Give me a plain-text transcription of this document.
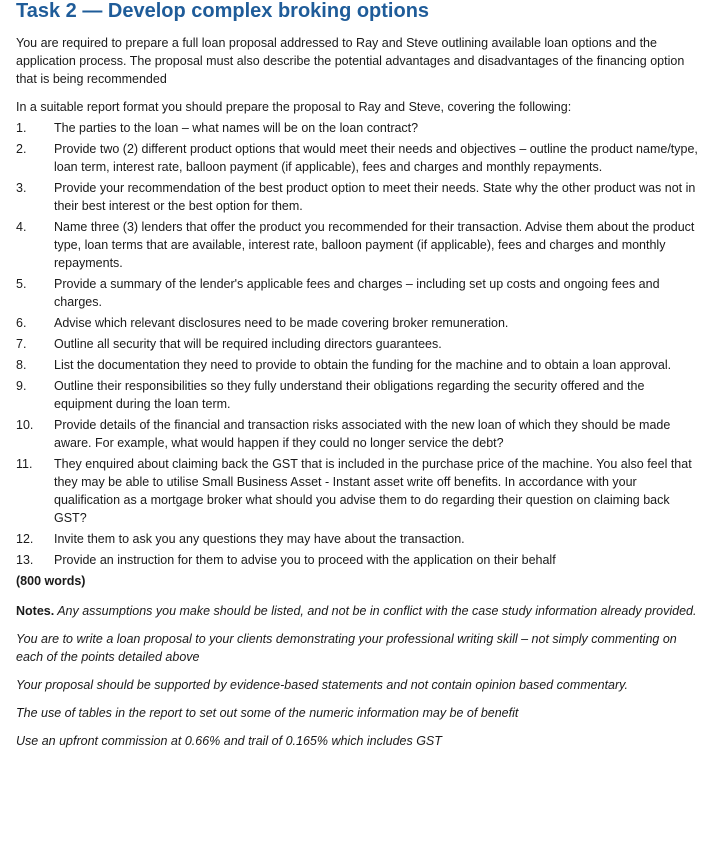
Task 2 — Develop complex broking options

You are required to prepare a full loan proposal addressed to Ray and Steve outlining available loan options and the application process. The proposal must also describe the potential advantages and disadvantages of the financing option that is being recommended

In a suitable report format you should prepare the proposal to Ray and Steve, covering the following:

1.	The parties to the loan – what names will be on the loan contract?
2.	Provide two (2) different product options that would meet their needs and objectives – outline the product name/type, loan term, interest rate, balloon payment (if applicable), fees and charges and monthly repayments.
3.	Provide your recommendation of the best product option to meet their needs. State why the other product was not in their best interest or the best option for them.
4.	Name three (3) lenders that offer the product you recommended for their transaction. Advise them about the product type, loan terms that are available, interest rate, balloon payment (if applicable), fees and charges and monthly repayments.
5.	Provide a summary of the lender's applicable fees and charges – including set up costs and ongoing fees and charges.
6.	Advise which relevant disclosures need to be made covering broker remuneration.
7.	Outline all security that will be required including directors guarantees.
8.	List the documentation they need to provide to obtain the funding for the machine and to obtain a loan approval.
9.	Outline their responsibilities so they fully understand their obligations regarding the security offered and the equipment during the loan term.
10.	Provide details of the financial and transaction risks associated with the new loan of which they should be made aware. For example, what would happen if they could no longer service the debt?
11.	They enquired about claiming back the GST that is included in the purchase price of the machine. You also feel that they may be able to utilise Small Business Asset - Instant asset write off benefits. In accordance with your qualification as a mortgage broker what should you advise them to do regarding their question on claiming back GST?
12.	Invite them to ask you any questions they may have about the transaction.
13.	Provide an instruction for them to advise you to proceed with the application on their behalf

(800 words)

Notes. Any assumptions you make should be listed, and not be in conflict with the case study information already provided.

You are to write a loan proposal to your clients demonstrating your professional writing skill – not simply commenting on each of the points detailed above

Your proposal should be supported by evidence-based statements and not contain opinion based commentary.

The use of tables in the report to set out some of the numeric information may be of benefit

Use an upfront commission at 0.66% and trail of 0.165% which includes GST
